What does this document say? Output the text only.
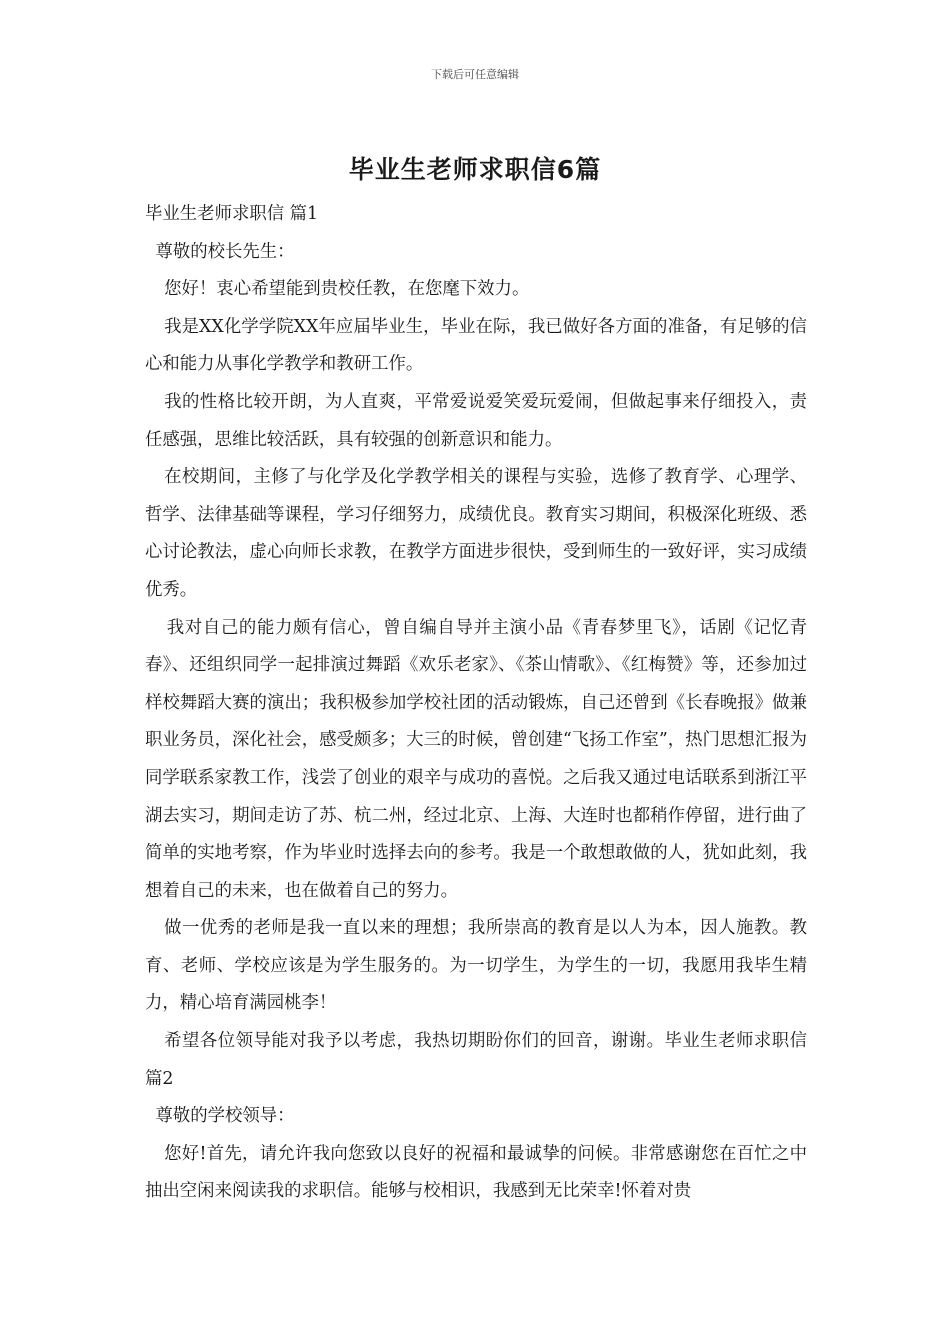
下载后可任意编辑
毕业生老师求职信6篇

毕业生老师求职信 篇1

尊敬的校长先生：

您好！衷心希望能到贵校任教，在您麾下效力。

我是XX化学学院XX年应届毕业生，毕业在际，我已做好各方面的准备，有足够的信心和能力从事化学教学和教研工作。

我的性格比较开朗，为人直爽，平常爱说爱笑爱玩爱闹，但做起事来仔细投入，责任感强，思维比较活跃，具有较强的创新意识和能力。

在校期间，主修了与化学及化学教学相关的课程与实验，选修了教育学、心理学、哲学、法律基础等课程，学习仔细努力，成绩优良。教育实习期间，积极深化班级、悉心讨论教法，虚心向师长求教，在教学方面进步很快，受到师生的一致好评，实习成绩优秀。

我对自己的能力颇有信心，曾自编自导并主演小品《青春梦里飞》，话剧《记忆青春》、还组织同学一起排演过舞蹈《欢乐老家》、《茶山情歌》、《红梅赞》等，还参加过样校舞蹈大赛的演出；我积极参加学校社团的活动锻炼，自己还曾到《长春晚报》做兼职业务员，深化社会，感受颇多；大三的时候，曾创建“飞扬工作室”，热门思想汇报为同学联系家教工作，浅尝了创业的艰辛与成功的喜悦。之后我又通过电话联系到浙江平湖去实习，期间走访了苏、杭二州，经过北京、上海、大连时也都稍作停留，进行曲了简单的实地考察，作为毕业时选择去向的参考。我是一个敢想敢做的人，犹如此刻，我想着自己的未来，也在做着自己的努力。

做一优秀的老师是我一直以来的理想；我所崇高的教育是以人为本，因人施教。教育、老师、学校应该是为学生服务的。为一切学生，为学生的一切，我愿用我毕生精力，精心培育满园桃李！

希望各位领导能对我予以考虑，我热切期盼你们的回音，谢谢。毕业生老师求职信 篇2

尊敬的学校领导：

您好!首先，请允许我向您致以良好的祝福和最诚挚的问候。非常感谢您在百忙之中抽出空闲来阅读我的求职信。能够与校相识，我感到无比荣幸!怀着对贵
